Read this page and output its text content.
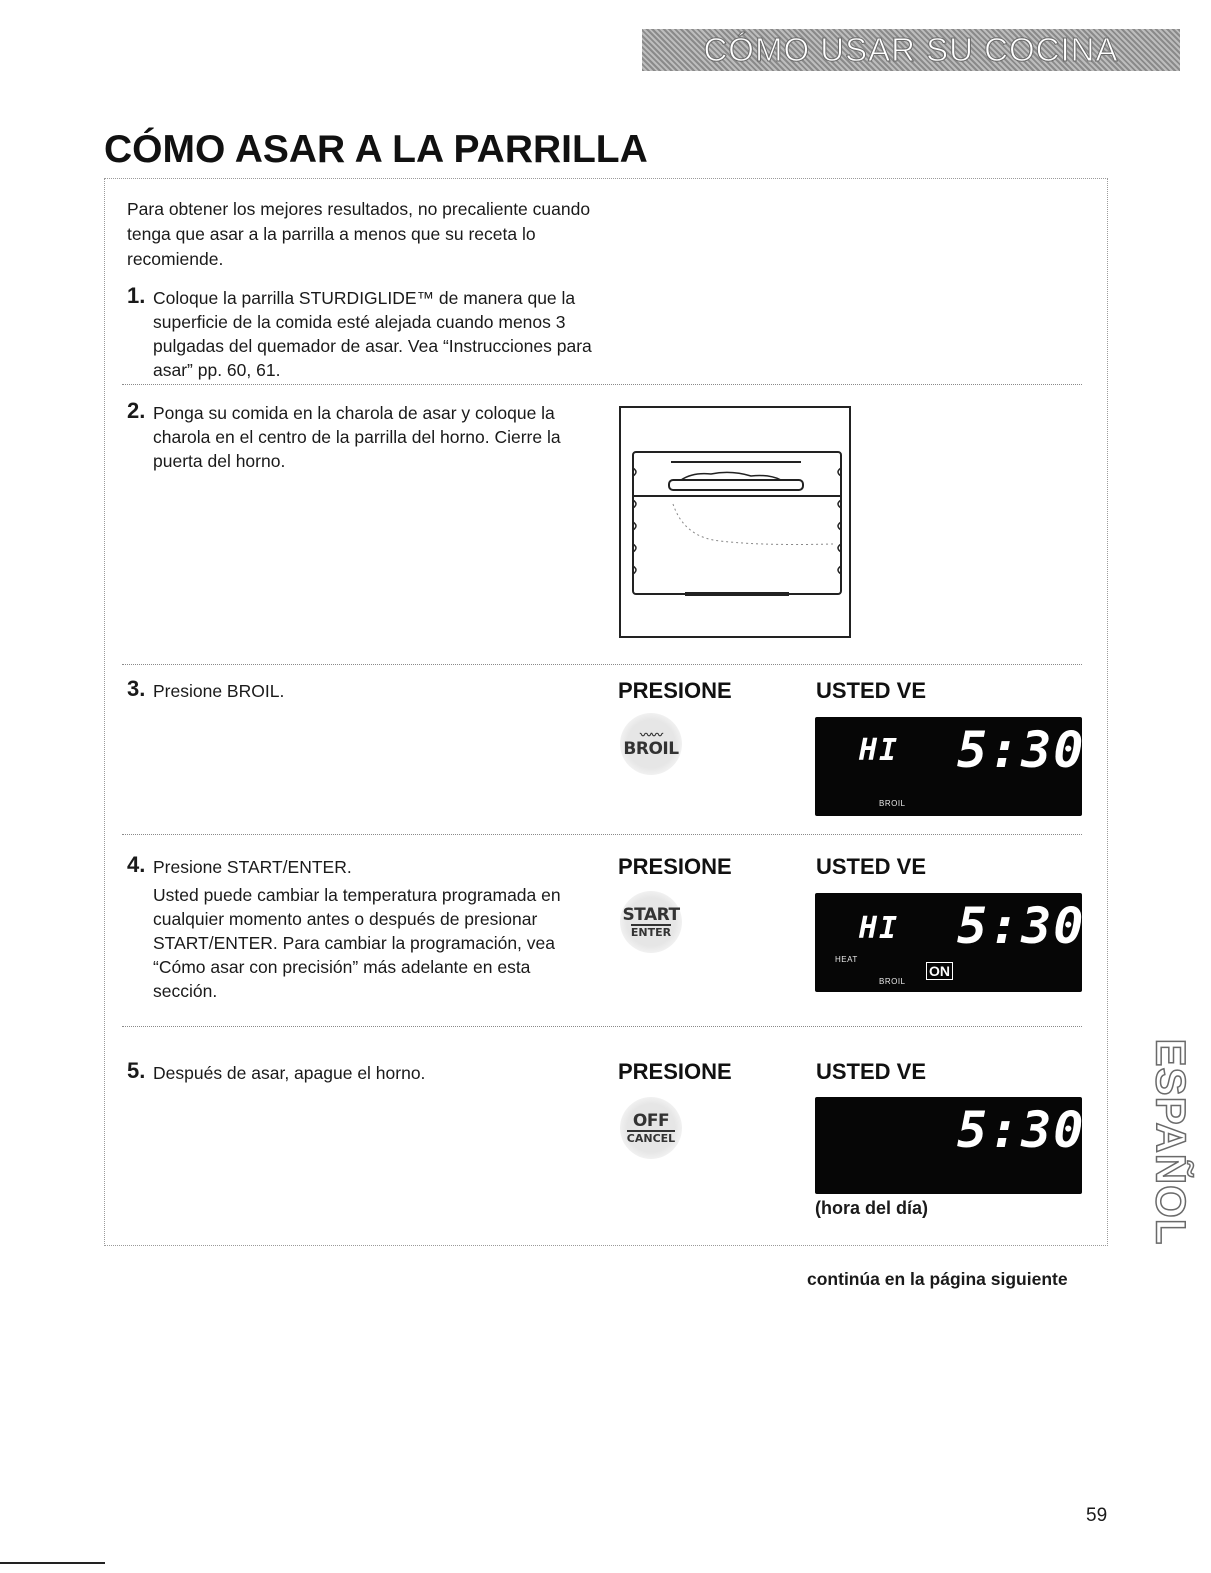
CÓMO USAR SU COCINA
CÓMO ASAR A LA PARRILLA
Para obtener los mejores resultados, no precaliente cuando tenga que asar a la parrilla a menos que su receta lo recomiende.
1. Coloque la parrilla STURDIGLIDE™ de manera que la superficie de la comida esté alejada cuando menos 3 pulgadas del quemador de asar. Vea “Instrucciones para asar” pp. 60, 61.
2. Ponga su comida en la charola de asar y coloque la charola en el centro de la parrilla del horno. Cierre la puerta del horno.
3. Presione BROIL.	PRESIONE	USTED VE
〰〰
BROIL	HI 5:30
BROIL
4. Presione START/ENTER.
Usted puede cambiar la temperatura programada en cualquier momento antes o después de presionar START/ENTER. Para cambiar la programación, vea “Cómo asar con precisión” más adelante en esta sección.
PRESIONE	USTED VE
START
ENTER	HI 5:30
HEAT
ON
BROIL
5. Después de asar, apague el horno.	PRESIONE	USTED VE
OFF
CANCEL	5:30
(hora del día)
continúa en la página siguiente
ESPAÑOL
59
